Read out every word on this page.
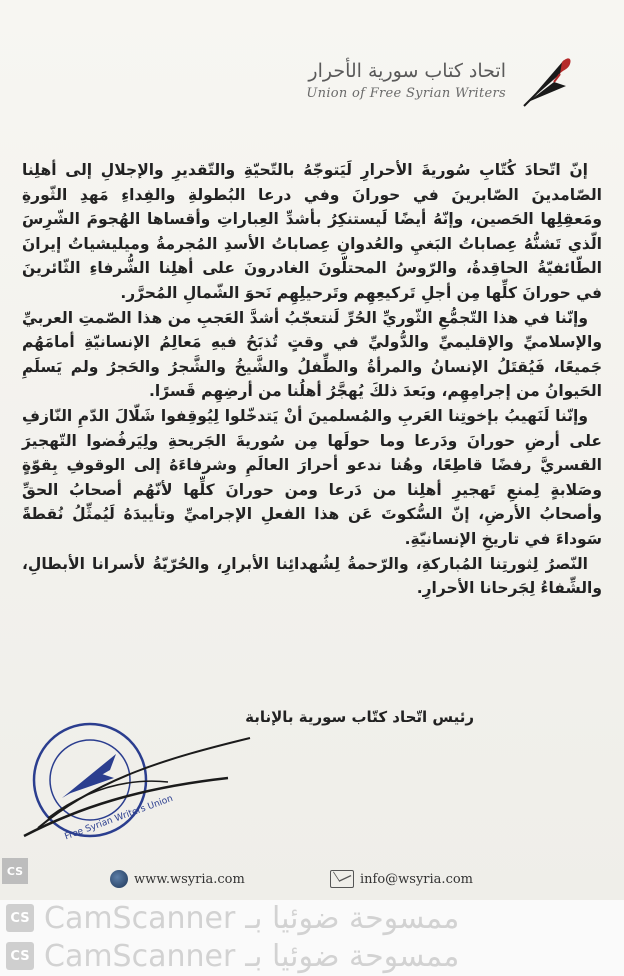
اتحاد كتاب سورية الأحرار
Union of Free Syrian Writers

إنّ اتّحادَ كُتّابِ سُوريةَ الأحرارِ لَيَتوجّهُ بالتّحيّةِ والتّقديرِ والإجلالِ إلى أهلِنا الصّامدينَ الصّابرينَ في حورانَ وفي درعا البُطولةِ والفِداءِ مَهدِ الثّورةِ ومَعقِلِها الحَصين، وإنّهُ أيضًا لَيستنكِرُ بأشدِّ العِباراتِ وأقساها الهُجومَ الشّرِسَ الّذي تَشنُّهُ عِصاباتُ البَغيِ والعُدوانِ عِصاباتُ الأسدِ المُجرمةُ وميليشياتُ إيرانَ الطّائفيّةُ الحاقِدةُ، والرّوسُ المحتلّونَ الغادرونَ على أهلِنا الشُّرفاءِ الثّائرينَ في حورانَ كلِّها مِن أجلِ تَركيعِهِم وتَرحيلِهِم نَحوَ الشّمالِ المُحرَّر.

وإنّنا في هذا التّجمُّعِ الثّوريِّ الحُرِّ لَنتعجّبُ أشدَّ العَجبِ من هذا الصّمتِ العربيِّ والإسلاميِّ والإقليميِّ والدُّوليِّ في وقتٍ تُذبَحُ فيهِ مَعالِمُ الإنسانيّةِ أمامَهُم جَميعًا، فَيُقتَلُ الإنسانُ والمرأةُ والطِّفلُ والشَّيخُ والشَّجرُ والحَجرُ ولم يَسلَمِ الحَيوانُ من إجرامِهِم، وبَعدَ ذلكَ يُهجَّرُ أهلُنا من أرضِهِم قَسرًا.

وإنّنا لَنَهيبُ بإخوتِنا العَربِ والمُسلمينَ أنْ يَتدخّلوا لِيُوقِفوا شَلّالَ الدّمِ النّازفِ على أرضِ حورانَ ودَرعا وما حولَها مِن سُوريةَ الجَريحةِ ولِيَرفُضوا التّهجيرَ القسريَّ رفضًا قاطِعًا، وهُنا ندعو أحرارَ العالَمِ وشرفاءَهُ إلى الوقوفِ بِقوّةٍ وصَلابةٍ لِمنعِ تَهجيرِ أهلِنا من دَرعا ومن حورانَ كلِّها لأنّهُم أصحابُ الحقِّ وأصحابُ الأرضِ، إنّ السُّكوتَ عَن هذا الفعلِ الإجراميِّ وتأييدَهُ لَيُمثِّلُ نُقطةً سَوداءَ في تاريخِ الإنسانيّةِ.

النّصرُ لِثورتِنا المُباركةِ، والرّحمةُ لِشُهدائِنا الأبرارِ، والحُرّيّةُ لأسرانا الأبطالِ، والشِّفاءُ لِجَرحانا الأحرارِ.

رئيس اتّحاد كتّاب سورية بالإنابة
Free Syrian Writers Union
www.wsyria.com	info@wsyria.com
CS
CS CamScanner ممسوحة ضوئيا بـ
CS CamScanner ممسوحة ضوئيا بـ
